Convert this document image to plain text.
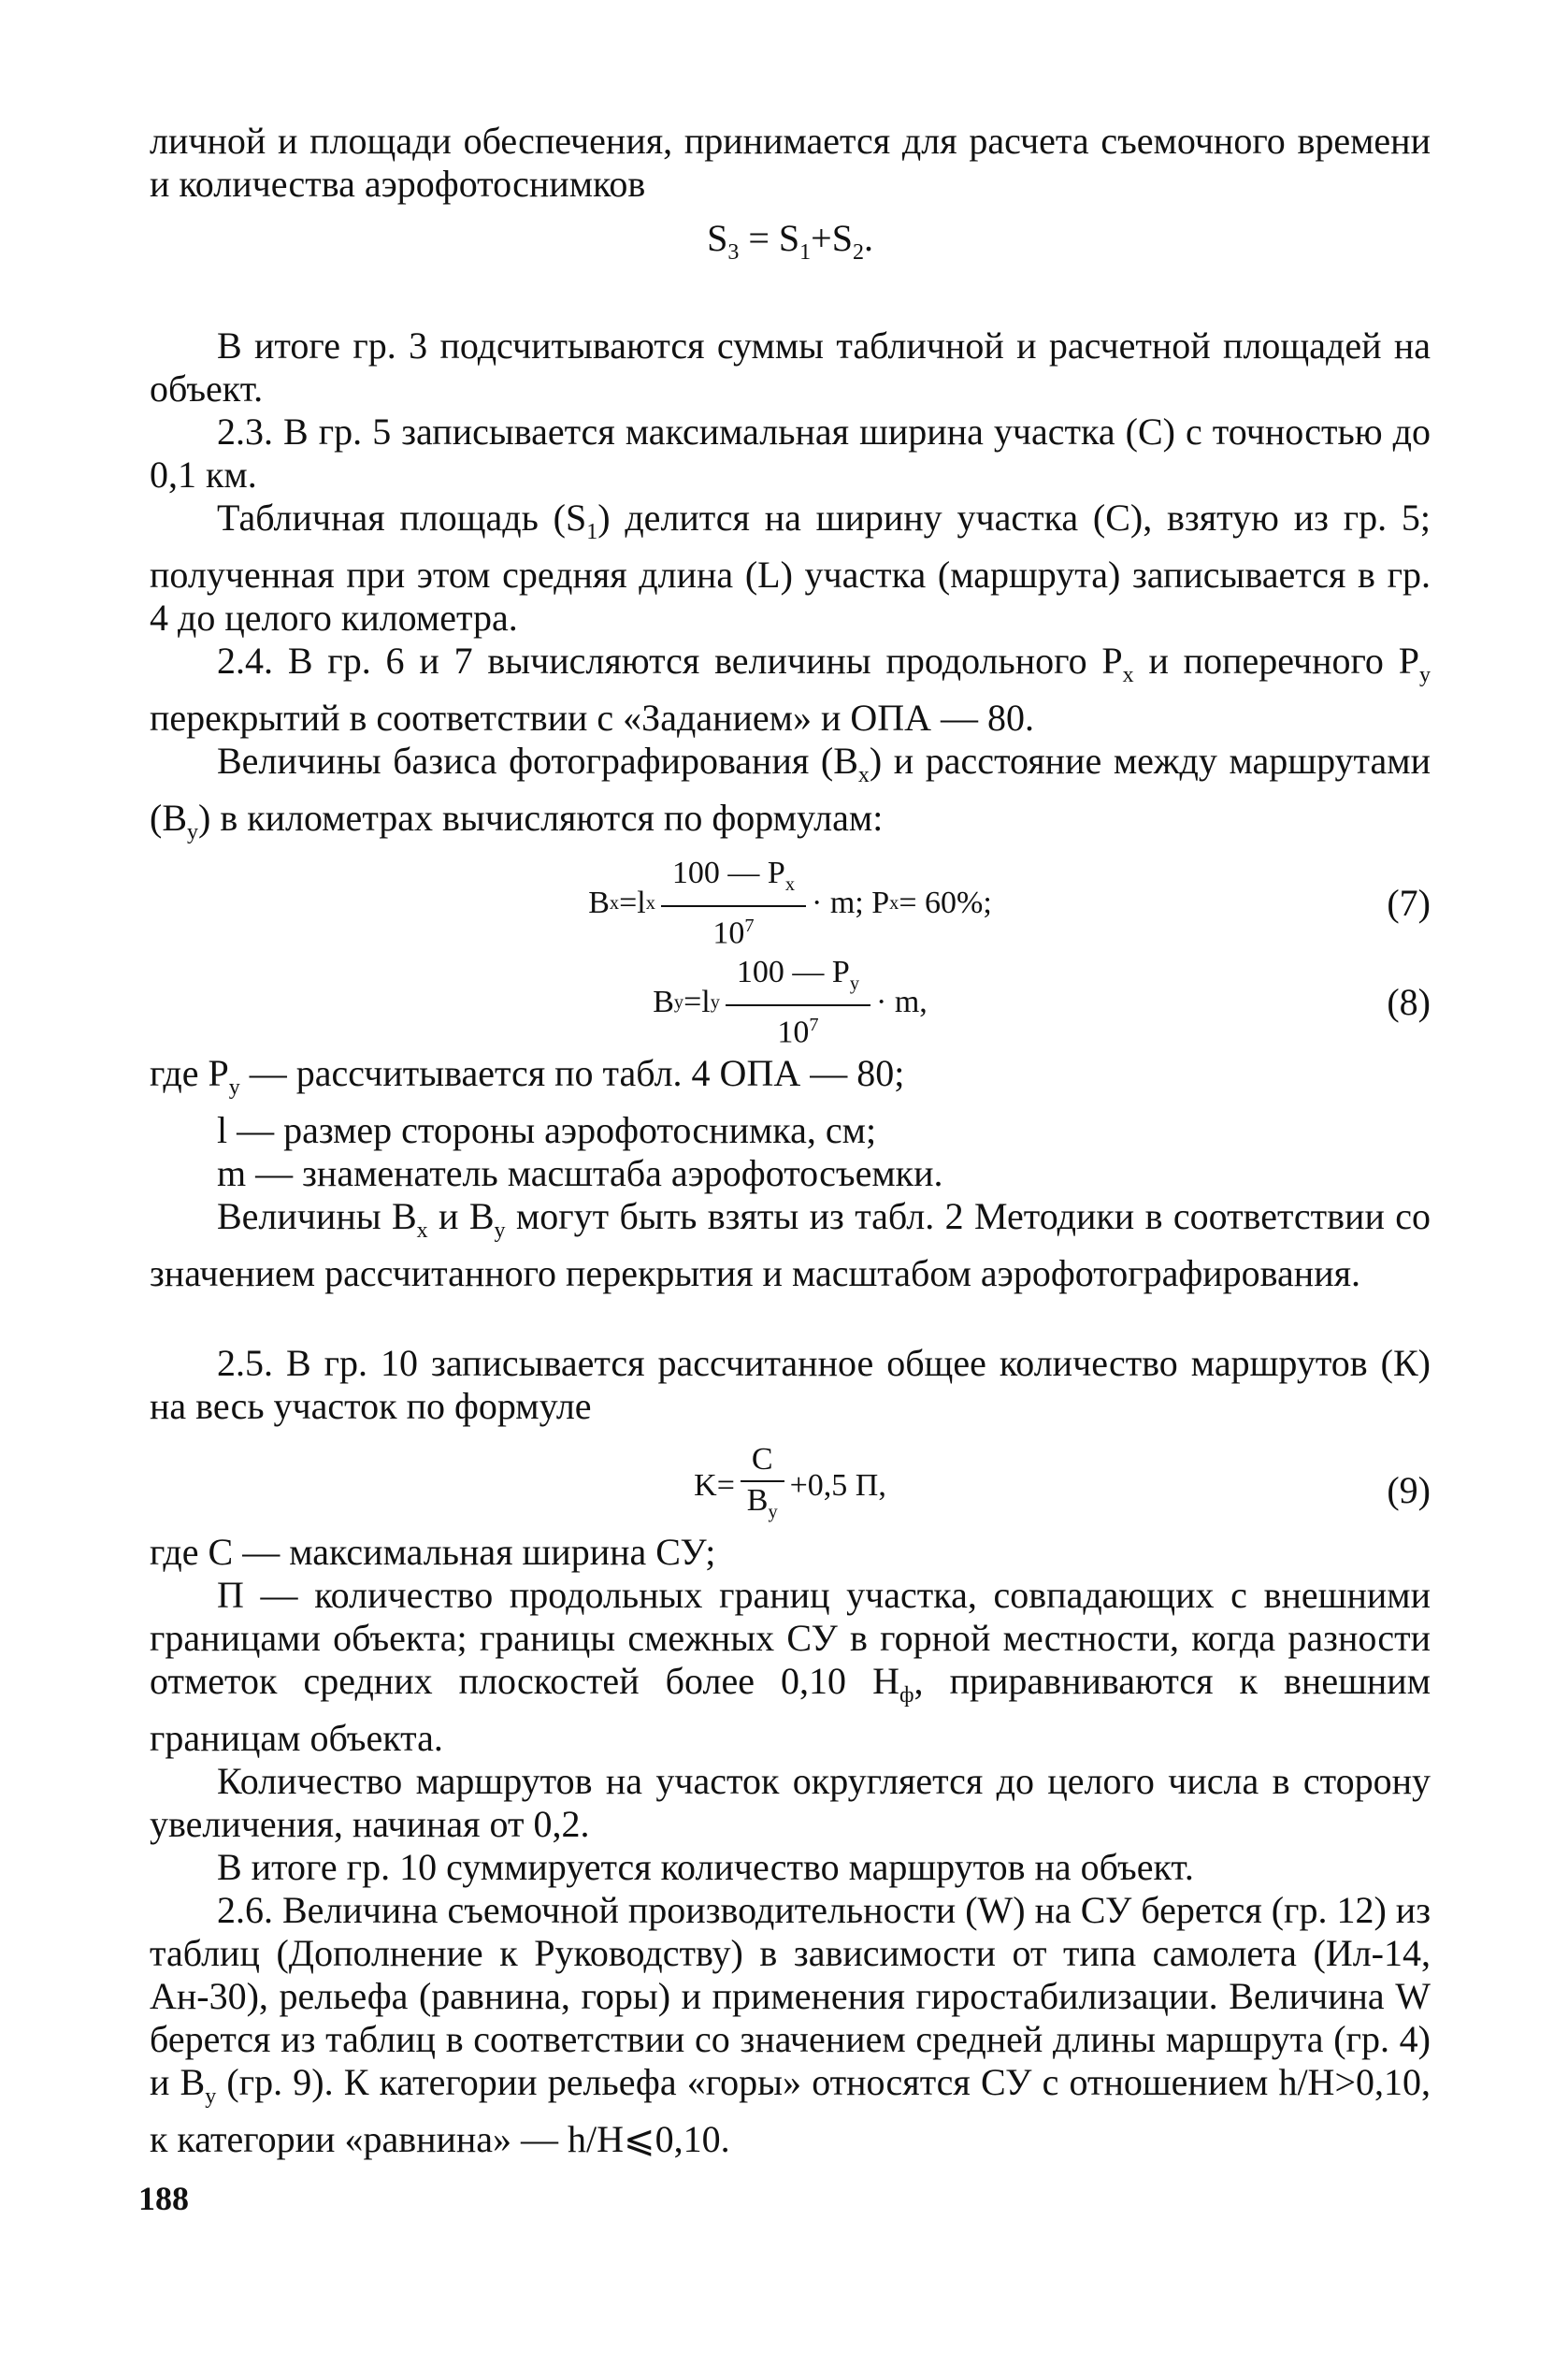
личной и площади обеспечения, принимается для расчета съемочного времени и количества аэрофотоснимков

$S_3 = S_1+S_2$.

В итоге гр. 3 подсчитываются суммы табличной и расчетной площадей на объект.

2.3. В гр. 5 записывается максимальная ширина участка (С) с точностью до 0,1 км.

Табличная площадь $(S_1)$ делится на ширину участка (С), взятую из гр. 5; полученная при этом средняя длина (L) участка (маршрута) записывается в гр. 4 до целого километра.

2.4. В гр. 6 и 7 вычисляются величины продольного $Р_x$ и поперечного $Р_y$ перекрытий в соответствии с «Заданием» и ОПА — 80.

Величины базиса фотографирования $(В_x)$ и расстояние между маршрутами $(В_y)$ в километрах вычисляются по формулам:

B x =l x $\frac{100 — P_x}{10^7} \cdot m$; P x = 60%;	(7)
B y =l y $\frac{100 — P_y}{10^7} \cdot m$,	(8)

где $Р_y$ — рассчитывается по табл. 4 ОПА — 80;

l — размер стороны аэрофотоснимка, см;

m — знаменатель масштаба аэрофотосъемки.

Величины $В_x$ и $В_y$ могут быть взяты из табл. 2 Методики в соответствии со значением рассчитанного перекрытия и масштабом аэрофотографирования.

2.5. В гр. 10 записывается рассчитанное общее количество маршрутов (К) на весь участок по формуле

$K= \frac{C}{B_y} +0,5$ П,	(9)

где С — максимальная ширина СУ;

П — количество продольных границ участка, совпадающих с внешними границами объекта; границы смежных СУ в горной местности, когда разности отметок средних плоскостей более 0,10 $Н_ф$, приравниваются к внешним границам объекта.

Количество маршрутов на участок округляется до целого числа в сторону увеличения, начиная от 0,2.

В итоге гр. 10 суммируется количество маршрутов на объект.

2.6. Величина съемочной производительности (W) на СУ берется (гр. 12) из таблиц (Дополнение к Руководству) в зависимости от типа самолета (Ил-14, Ан-30), рельефа (равнина, горы) и применения гиростабилизации. Величина W берется из таблиц в соответствии со значением средней длины маршрута (гр. 4) и $В_y$ (гр. 9). К категории рельефа «горы» относятся СУ с отношением h/H>0,10, к категории «равнина» — h/H⩽0,10.

188
